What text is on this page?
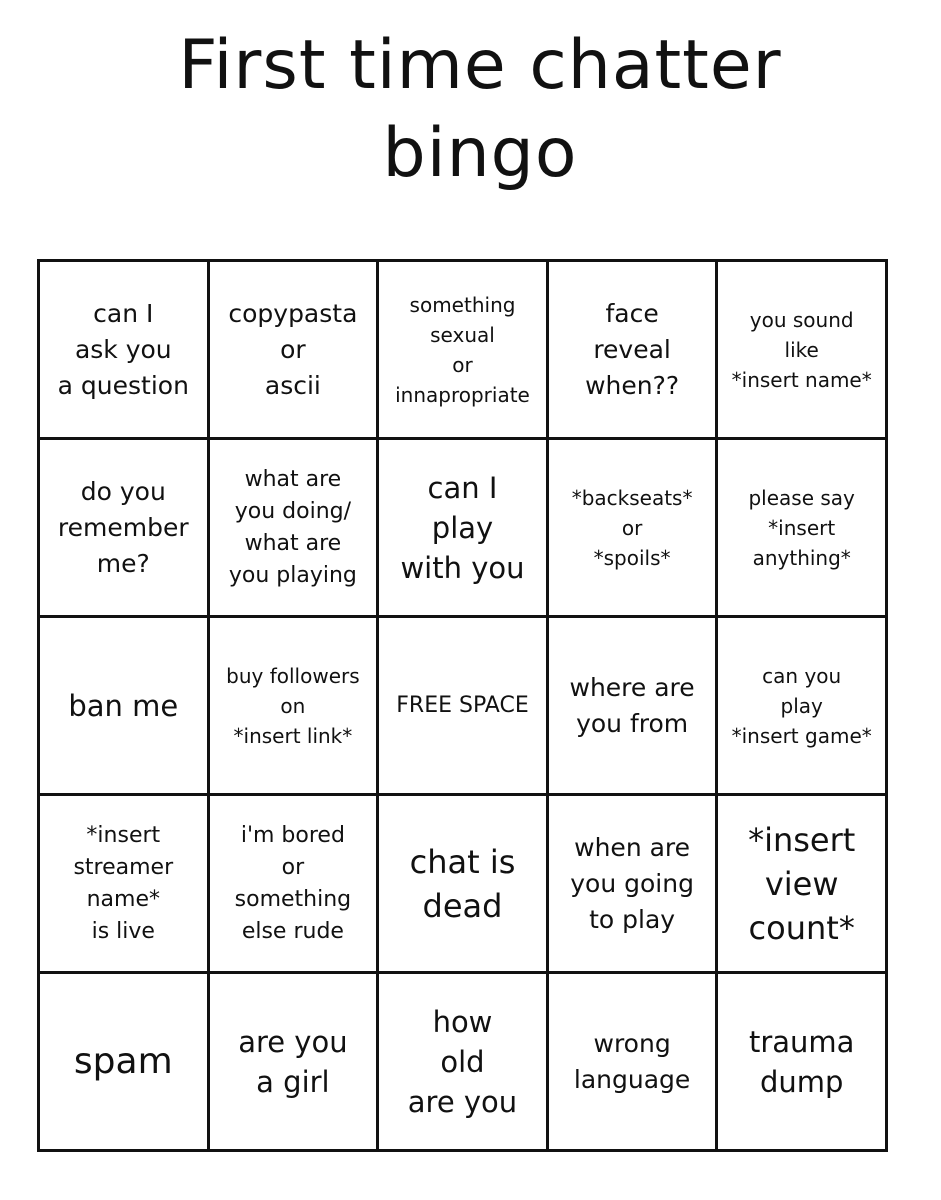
First time chatter
bingo
can I
ask you
a question
copypasta
or
ascii
something
sexual
or
innapropriate
face
reveal
when??
you sound
like
*insert name*
do you
remember
me?
what are
you doing/
what are
you playing
can I
play
with you
*backseats*
or
*spoils*
please say
*insert
anything*
ban me
buy followers
on
*insert link*
FREE SPACE
where are
you from
can you
play
*insert game*
*insert
streamer
name*
is live
i'm bored
or
something
else rude
chat is
dead
when are
you going
to play
*insert
view
count*
spam are you
a girl
how
old
are you
wrong
language
trauma
dump
